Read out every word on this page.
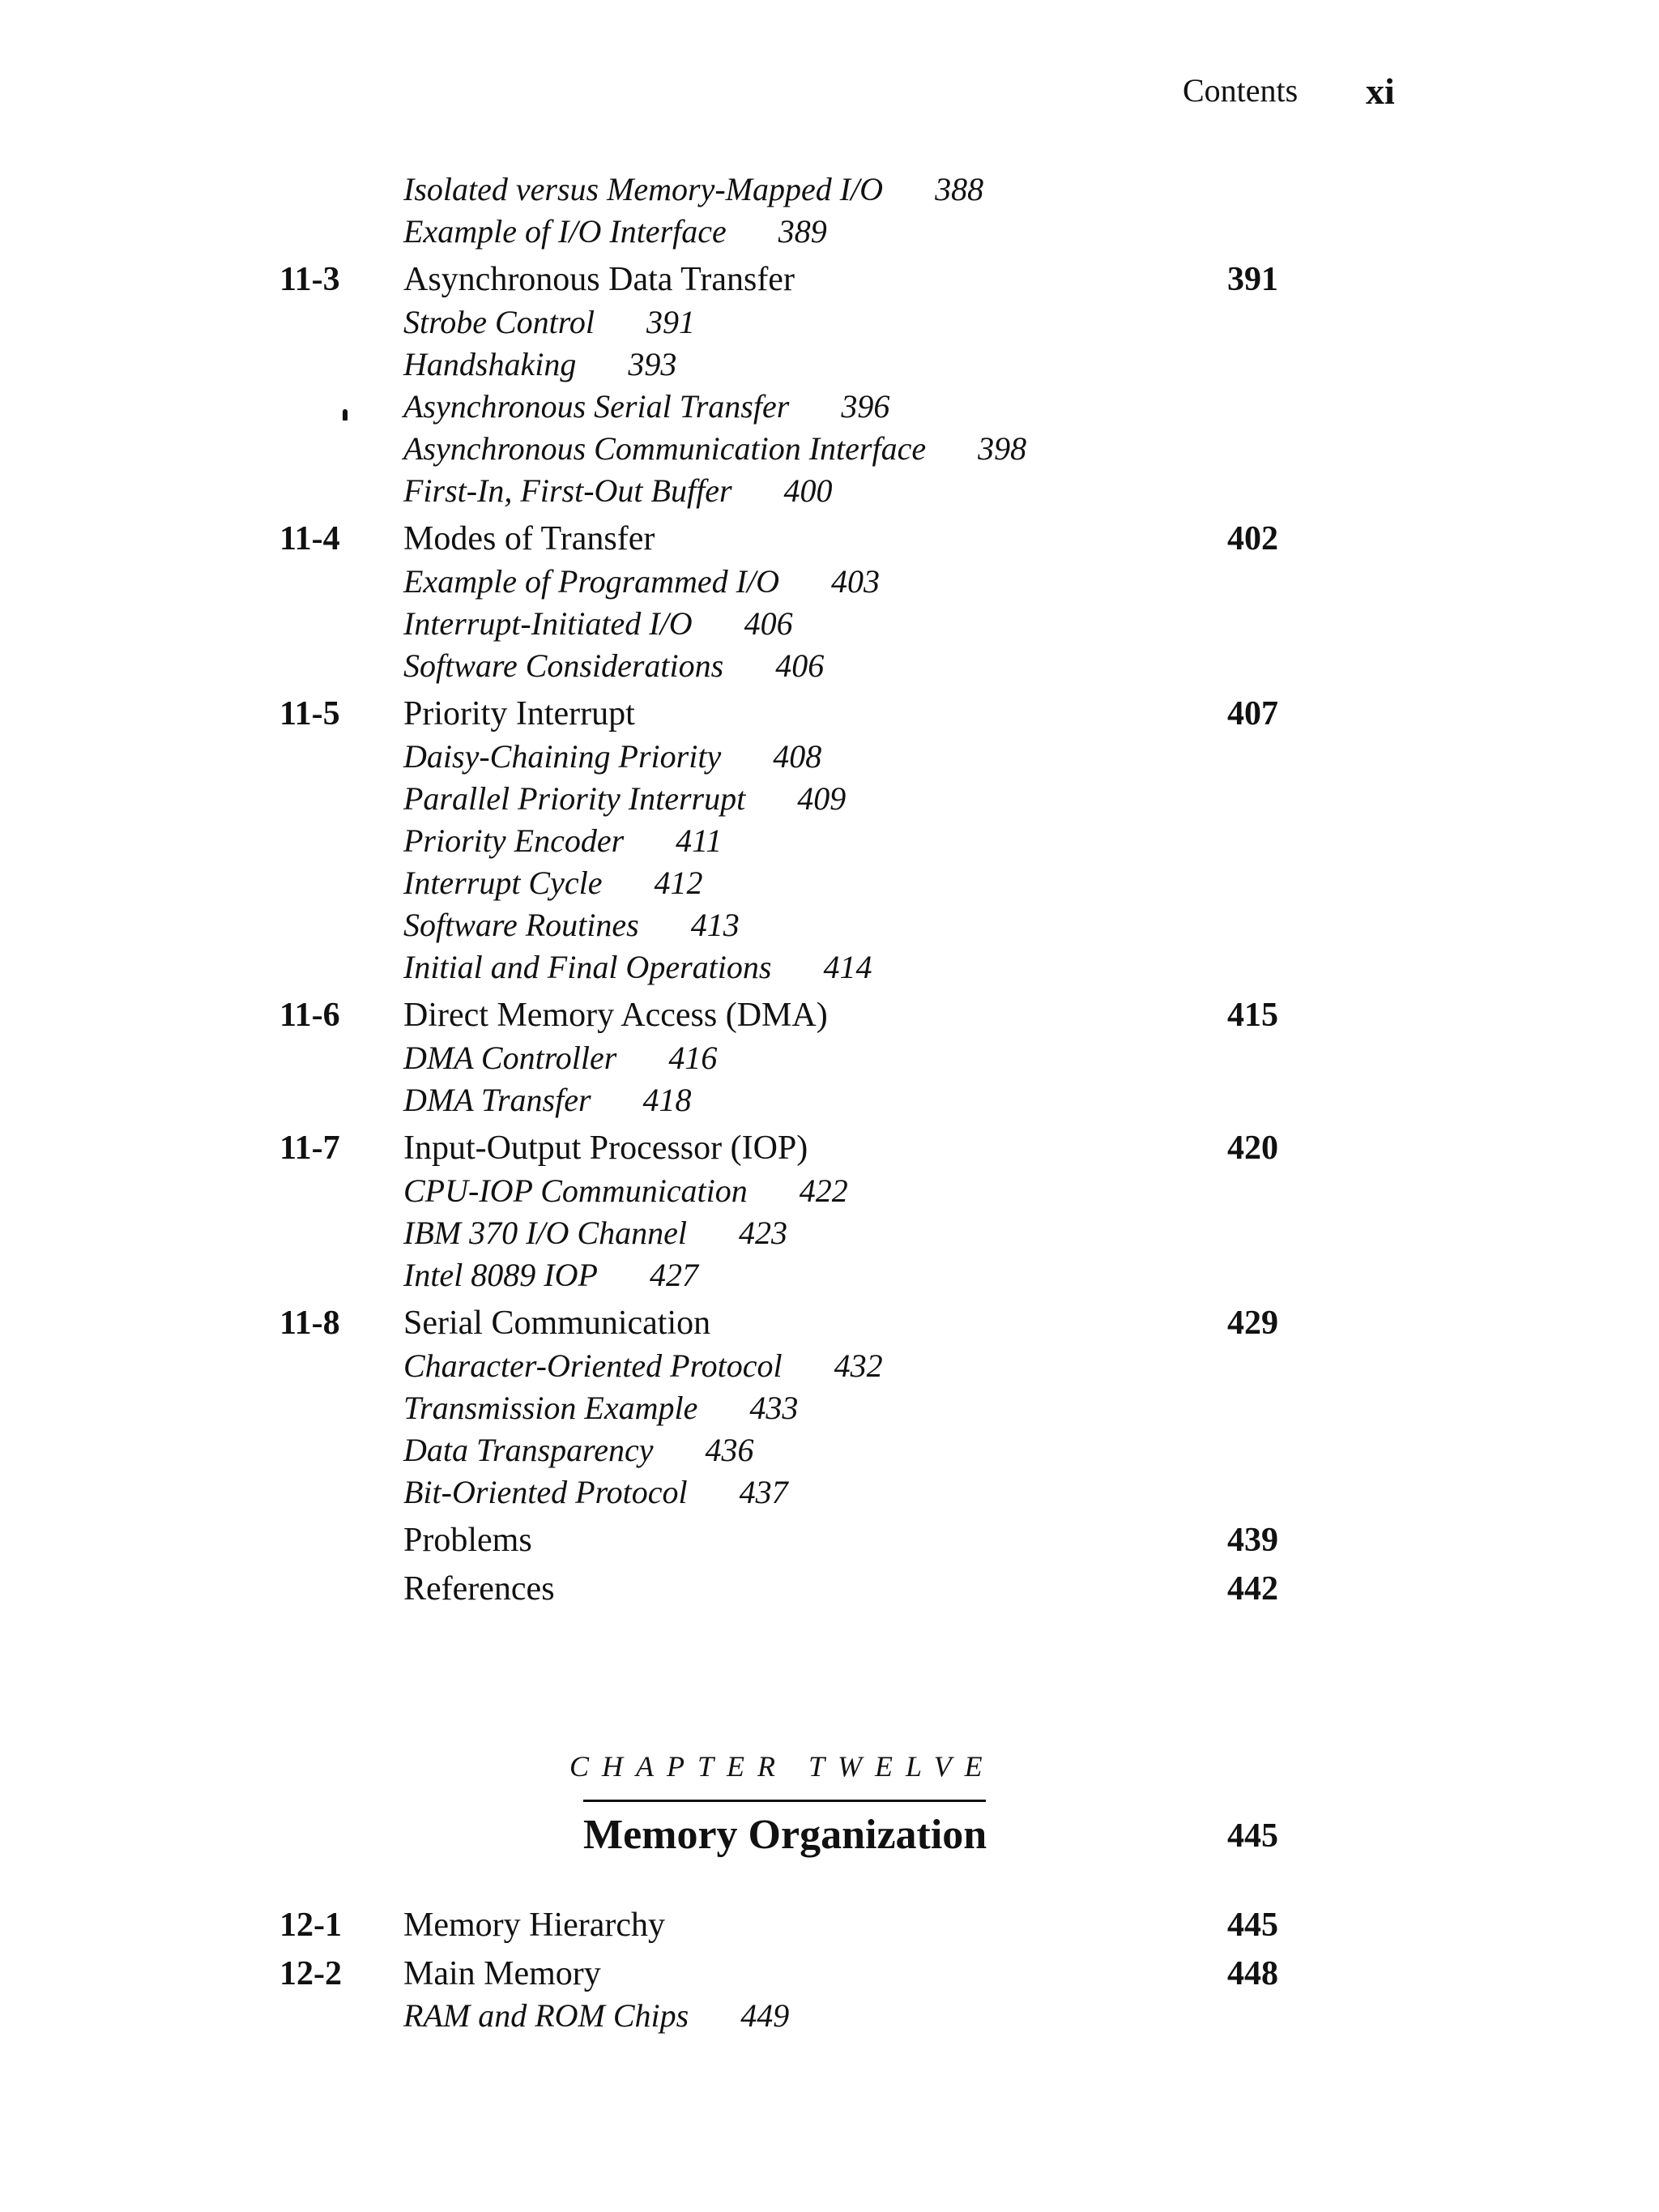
Contents xi
Isolated versus Memory-Mapped I/O 388
Example of I/O Interface 389
11-3 Asynchronous Data Transfer	391
Strobe Control 391
Handshaking 393
Asynchronous Serial Transfer 396
Asynchronous Communication Interface 398
First-In, First-Out Buffer 400
11-4 Modes of Transfer	402
Example of Programmed I/O 403
Interrupt-Initiated I/O 406
Software Considerations 406
11-5 Priority Interrupt	407
Daisy-Chaining Priority 408
Parallel Priority Interrupt 409
Priority Encoder 411
Interrupt Cycle 412
Software Routines 413
Initial and Final Operations 414
11-6 Direct Memory Access (DMA)	415
DMA Controller 416
DMA Transfer 418
11-7 Input-Output Processor (IOP)	420
CPU-IOP Communication 422
IBM 370 I/O Channel 423
Intel 8089 IOP 427
11-8 Serial Communication	429
Character-Oriented Protocol 432
Transmission Example 433
Data Transparency 436
Bit-Oriented Protocol 437
Problems	439
References	442
CHAPTER TWELVE
Memory Organization	445
12-1 Memory Hierarchy	445
12-2 Main Memory	448
RAM and ROM Chips 449
